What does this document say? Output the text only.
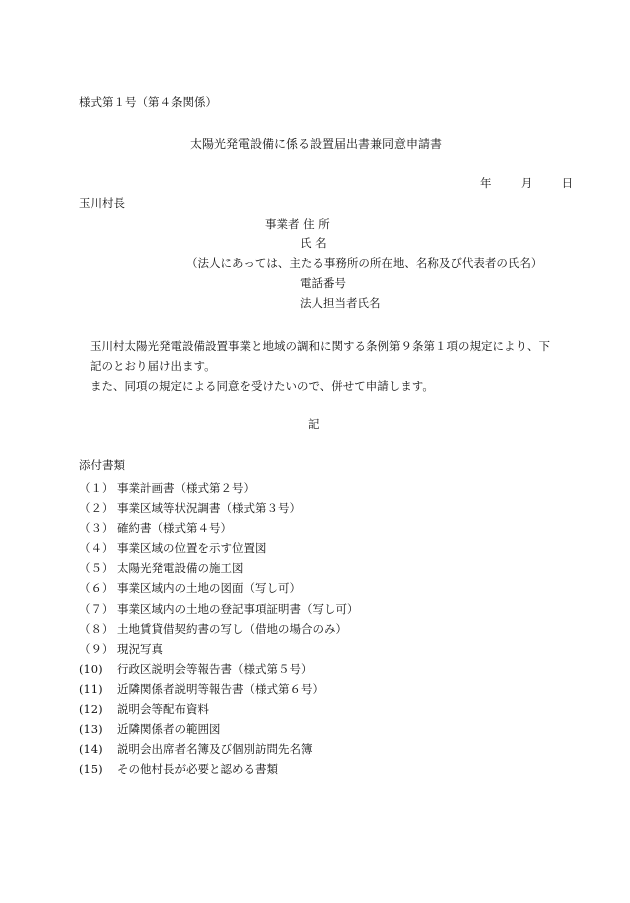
様式第１号（第４条関係）
太陽光発電設備に係る設置届出書兼同意申請書
年	月	日
玉川村長
事業者 住 所
氏 名
（法人にあっては、主たる事務所の所在地、名称及び代表者の氏名）
電話番号
法人担当者氏名

玉川村太陽光発電設備設置事業と地域の調和に関する条例第９条第１項の規定により、下記のとおり届け出ます。

また、同項の規定による同意を受けたいので、併せて申請します。

記
添付書類
（１） 事業計画書（様式第２号）
（２） 事業区域等状況調書（様式第３号）
（３） 確約書（様式第４号）
（４） 事業区域の位置を示す位置図
（５） 太陽光発電設備の施工図
（６） 事業区域内の土地の図面（写し可）
（７） 事業区域内の土地の登記事項証明書（写し可）
（８） 土地賃貸借契約書の写し（借地の場合のみ）
（９） 現況写真
(10) 行政区説明会等報告書（様式第５号）
(11) 近隣関係者説明等報告書（様式第６号）
(12) 説明会等配布資料
(13) 近隣関係者の範囲図
(14) 説明会出席者名簿及び個別訪問先名簿
(15) その他村長が必要と認める書類
